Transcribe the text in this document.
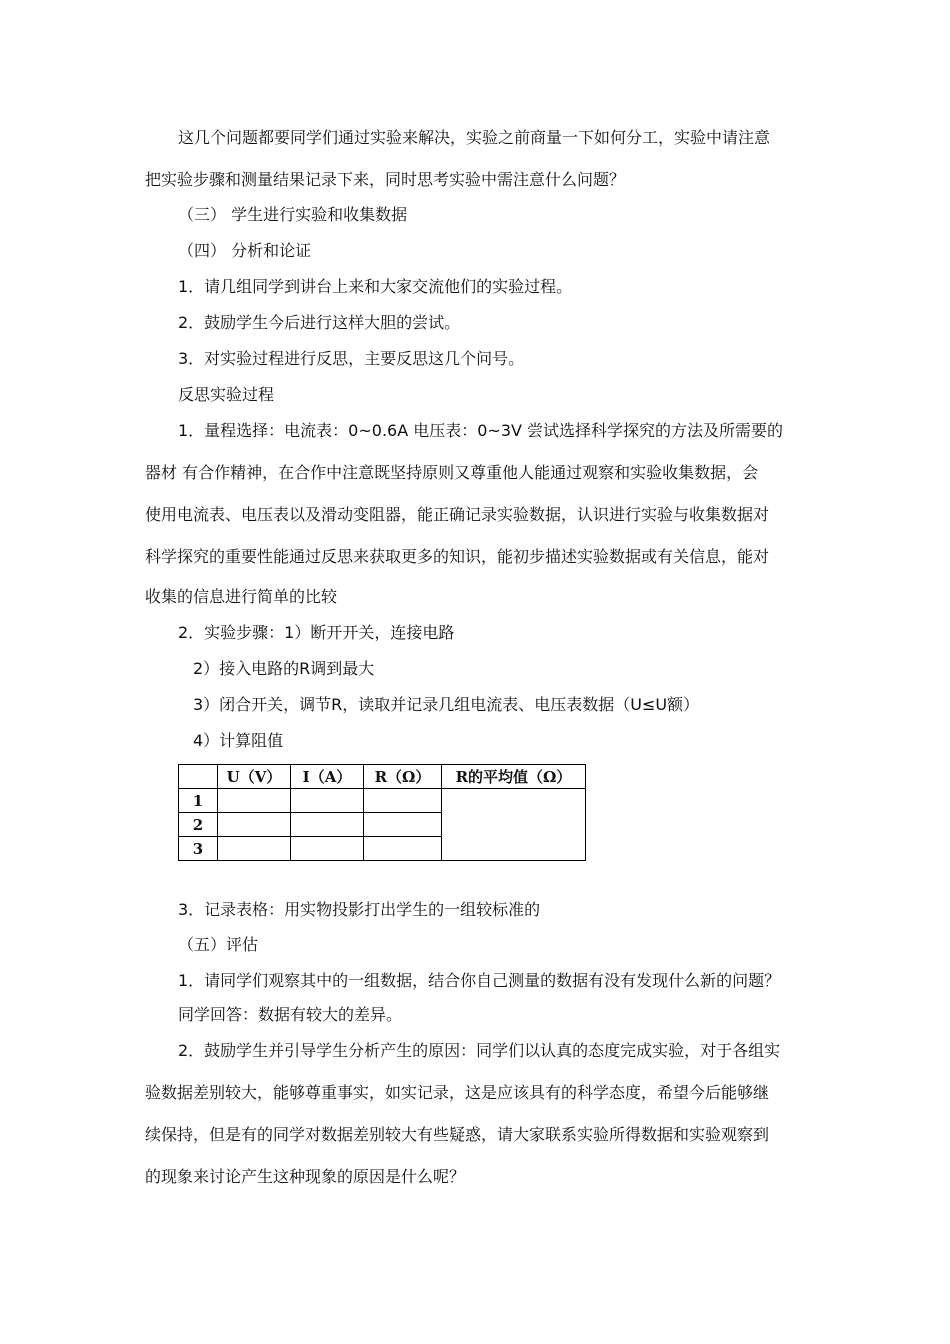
这几个问题都要同学们通过实验来解决，实验之前商量一下如何分工，实验中请注意
把实验步骤和测量结果记录下来，同时思考实验中需注意什么问题？
（三） 学生进行实验和收集数据
（四） 分析和论证
1．请几组同学到讲台上来和大家交流他们的实验过程。
2．鼓励学生今后进行这样大胆的尝试。
3．对实验过程进行反思，主要反思这几个问号。
反思实验过程
1．量程选择：电流表：0~0.6A 电压表：0~3V 尝试选择科学探究的方法及所需要的
器材 有合作精神，在合作中注意既坚持原则又尊重他人能通过观察和实验收集数据，会
使用电流表、电压表以及滑动变阻器，能正确记录实验数据，认识进行实验与收集数据对
科学探究的重要性能通过反思来获取更多的知识，能初步描述实验数据或有关信息，能对
收集的信息进行简单的比较
2．实验步骤：1）断开开关，连接电路
2）接入电路的R调到最大
3）闭合开关，调节R，读取并记录几组电流表、电压表数据（U≤U额）
4）计算阻值
3．记录表格：用实物投影打出学生的一组较标准的
（五）评估
1．请同学们观察其中的一组数据，结合你自己测量的数据有没有发现什么新的问题？
同学回答：数据有较大的差异。
2．鼓励学生并引导学生分析产生的原因：同学们以认真的态度完成实验，对于各组实
验数据差别较大，能够尊重事实，如实记录，这是应该具有的科学态度，希望今后能够继
续保持，但是有的同学对数据差别较大有些疑惑，请大家联系实验所得数据和实验观察到
的现象来讨论产生这种现象的原因是什么呢？
	U（V）	I（A）	R（Ω）	R的平均值（Ω）
1				
2				
3				
